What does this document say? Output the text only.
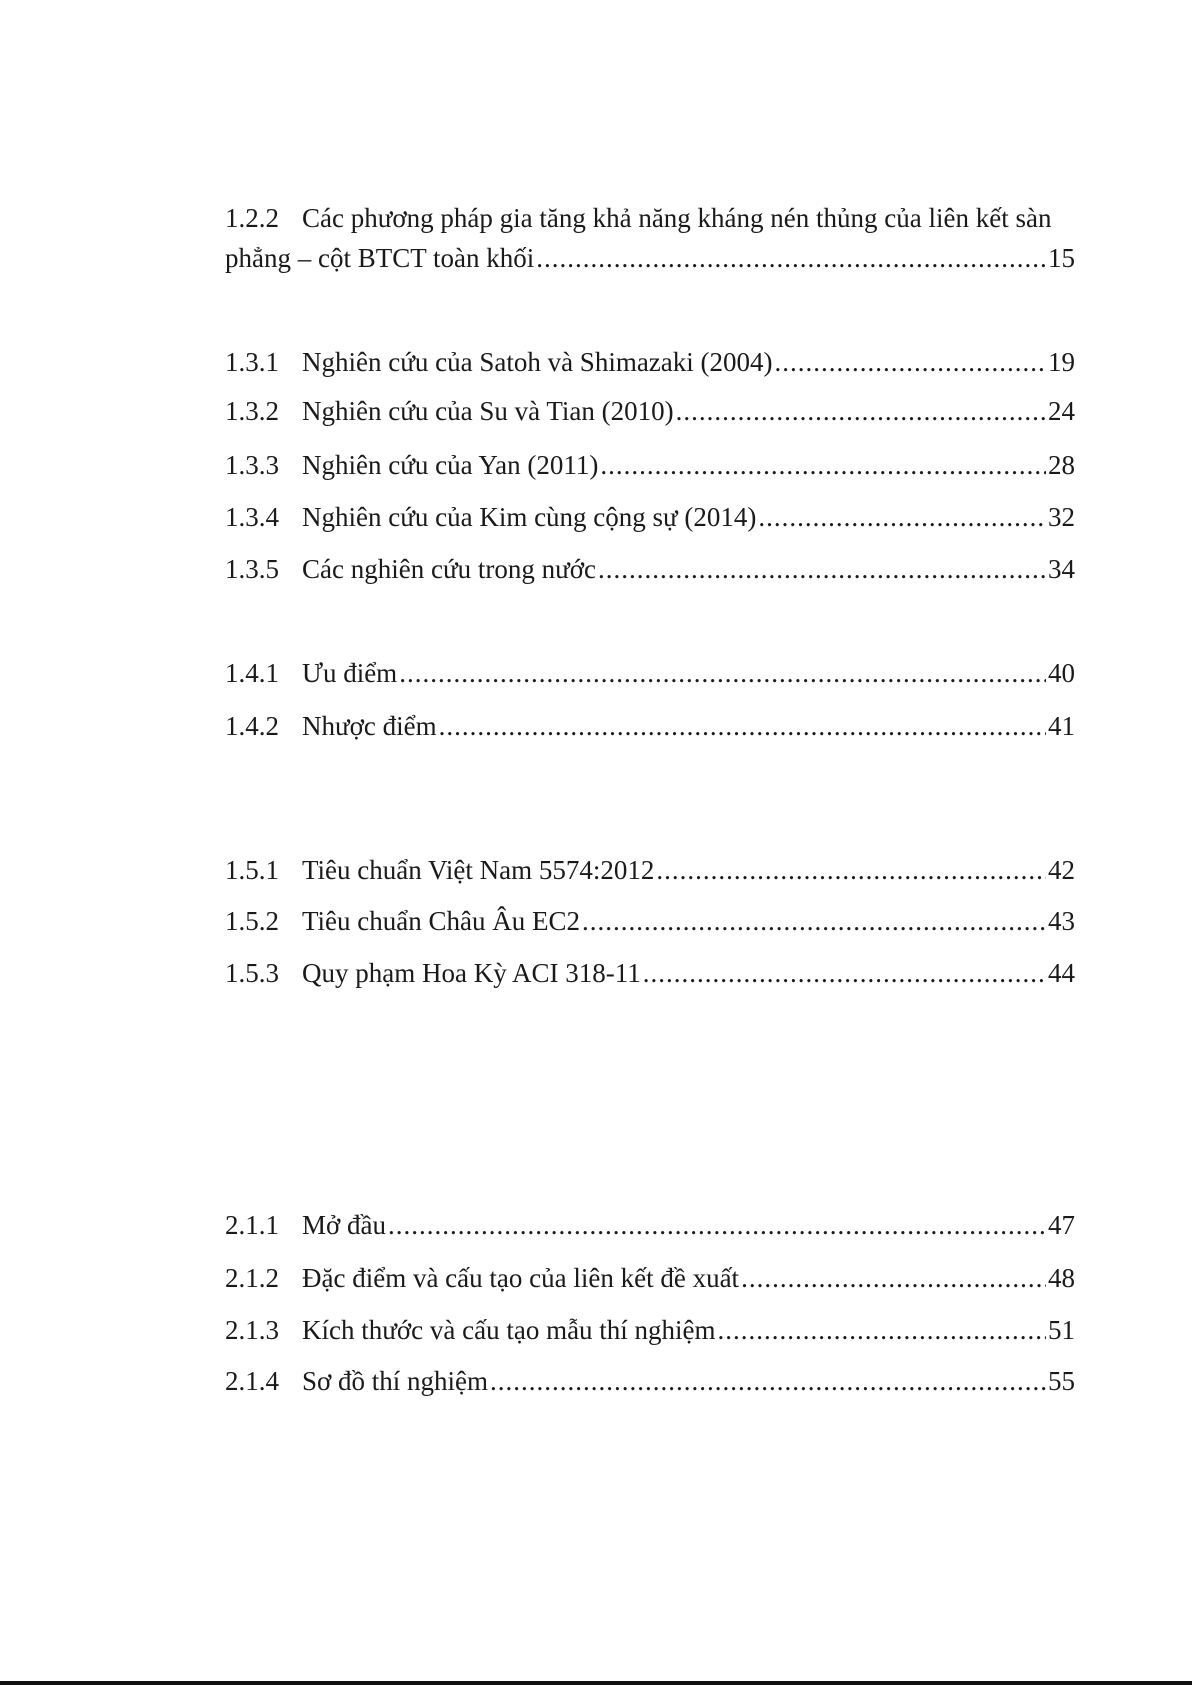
1.2.2 Các phương pháp gia tăng khả năng kháng nén thủng của liên kết sàn
phẳng – cột BTCT toàn khối .....	15
1.3.1 Nghiên cứu của Satoh và Shimazaki (2004) .....	19
1.3.2 Nghiên cứu của Su và Tian (2010) .....	24
1.3.3 Nghiên cứu của Yan (2011) .....	28
1.3.4 Nghiên cứu của Kim cùng cộng sự (2014) .....	32
1.3.5 Các nghiên cứu trong nước .....	34
1.4.1 Ưu điểm .....	40
1.4.2 Nhược điểm .....	41
1.5.1 Tiêu chuẩn Việt Nam 5574:2012 .....	42
1.5.2 Tiêu chuẩn Châu Âu EC2 .....	43
1.5.3 Quy phạm Hoa Kỳ ACI 318-11 .....	44
2.1.1 Mở đầu .....	47
2.1.2 Đặc điểm và cấu tạo của liên kết đề xuất .....	48
2.1.3 Kích thước và cấu tạo mẫu thí nghiệm .....	51
2.1.4 Sơ đồ thí nghiệm .....	55
